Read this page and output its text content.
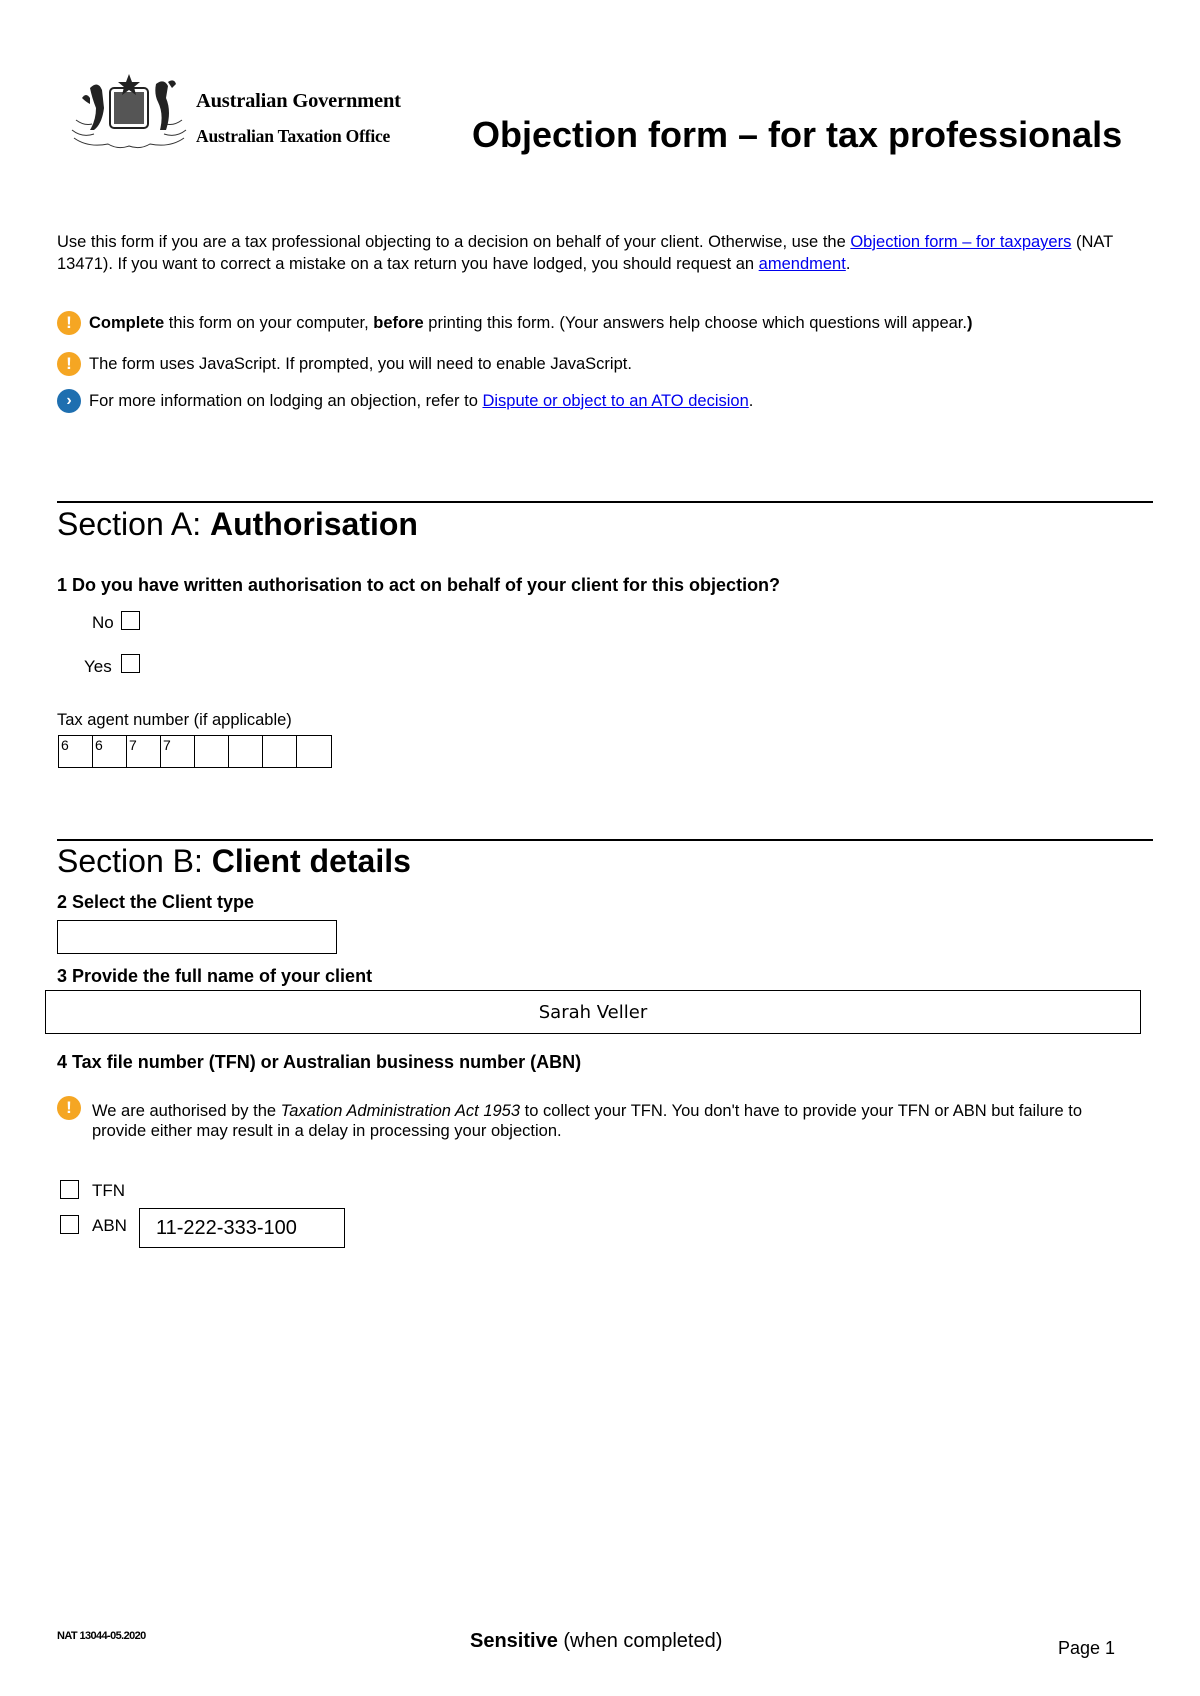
Australian Government
Australian Taxation Office Objection form – for tax professionals
Use this form if you are a tax professional objecting to a decision on behalf of your client. Otherwise, use the Objection form – for taxpayers (NAT 13471). If you want to correct a mistake on a tax return you have lodged, you should request an amendment.
!	Complete this form on your computer, before printing this form. (Your answers help choose which questions will appear.)
!	The form uses JavaScript. If prompted, you will need to enable JavaScript.
›	For more information on lodging an objection, refer to Dispute or object to an ATO decision.
Section A: Authorisation
1 Do you have written authorisation to act on behalf of your client for this objection?
No
Yes
Tax agent number (if applicable)
6	6	7	7
Section B: Client details
2 Select the Client type
3 Provide the full name of your client
Sarah Veller
4 Tax file number (TFN) or Australian business number (ABN)
!	We are authorised by the Taxation Administration Act 1953 to collect your TFN. You don't have to provide your TFN or ABN but failure to provide either may result in a delay in processing your objection.
TFN
ABN	11-222-333-100
NAT 13044-05.2020	Sensitive (when completed)	Page 1
